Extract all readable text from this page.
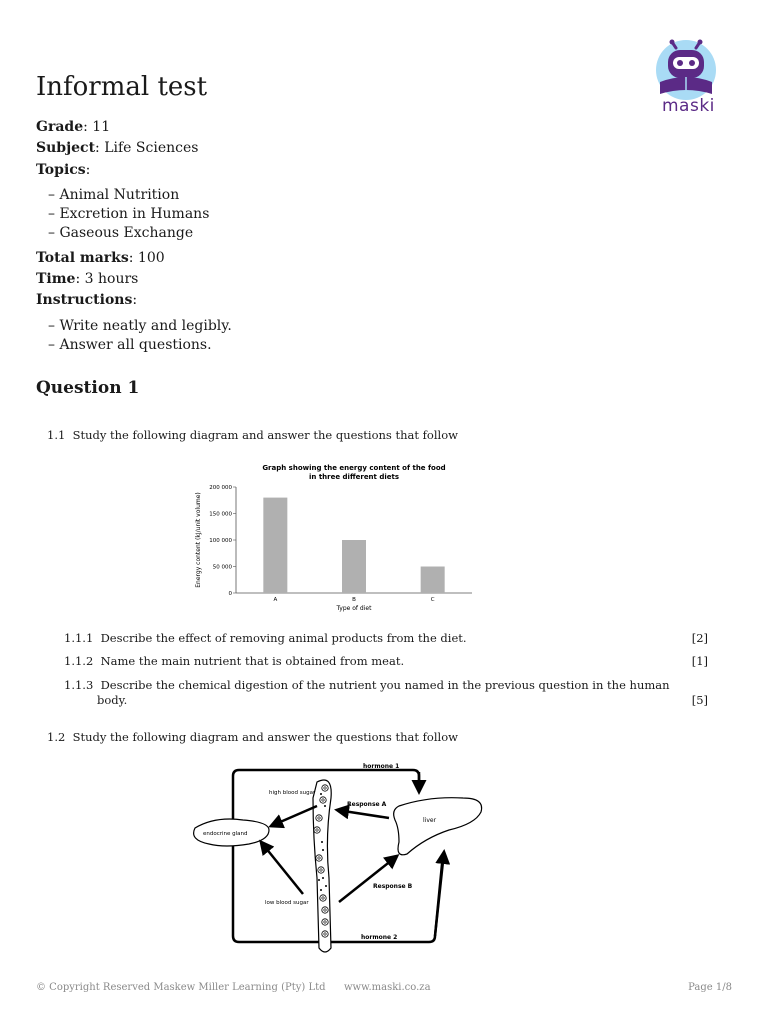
maski
Informal test
Grade: 11
Subject: Life Sciences
Topics:
– Animal Nutrition
– Excretion in Humans
– Gaseous Exchange
Total marks: 100
Time: 3 hours
Instructions:
– Write neatly and legibly.
– Answer all questions.
Question 1
1.1 Study the following diagram and answer the questions that follow
Graph showing the energy content of the food
in three different diets
0
50 000
100 000
150 000
200 000
A	B	C
Type of diet
Energy content (kJ/unit volume)
1.1.1 Describe the effect of removing animal products from the diet.	[2]
1.1.2 Name the main nutrient that is obtained from meat.	[1]
1.1.3 Describe the chemical digestion of the nutrient you named in the previous question in the human
body.	[5]
1.2 Study the following diagram and answer the questions that follow
hormone 1
hormone 2
liver
endocrine gland
high blood sugar
low blood sugar
Response A
Response B
© Copyright Reserved Maskew Miller Learning (Pty) Ltd www.maski.co.za	Page 1/8
